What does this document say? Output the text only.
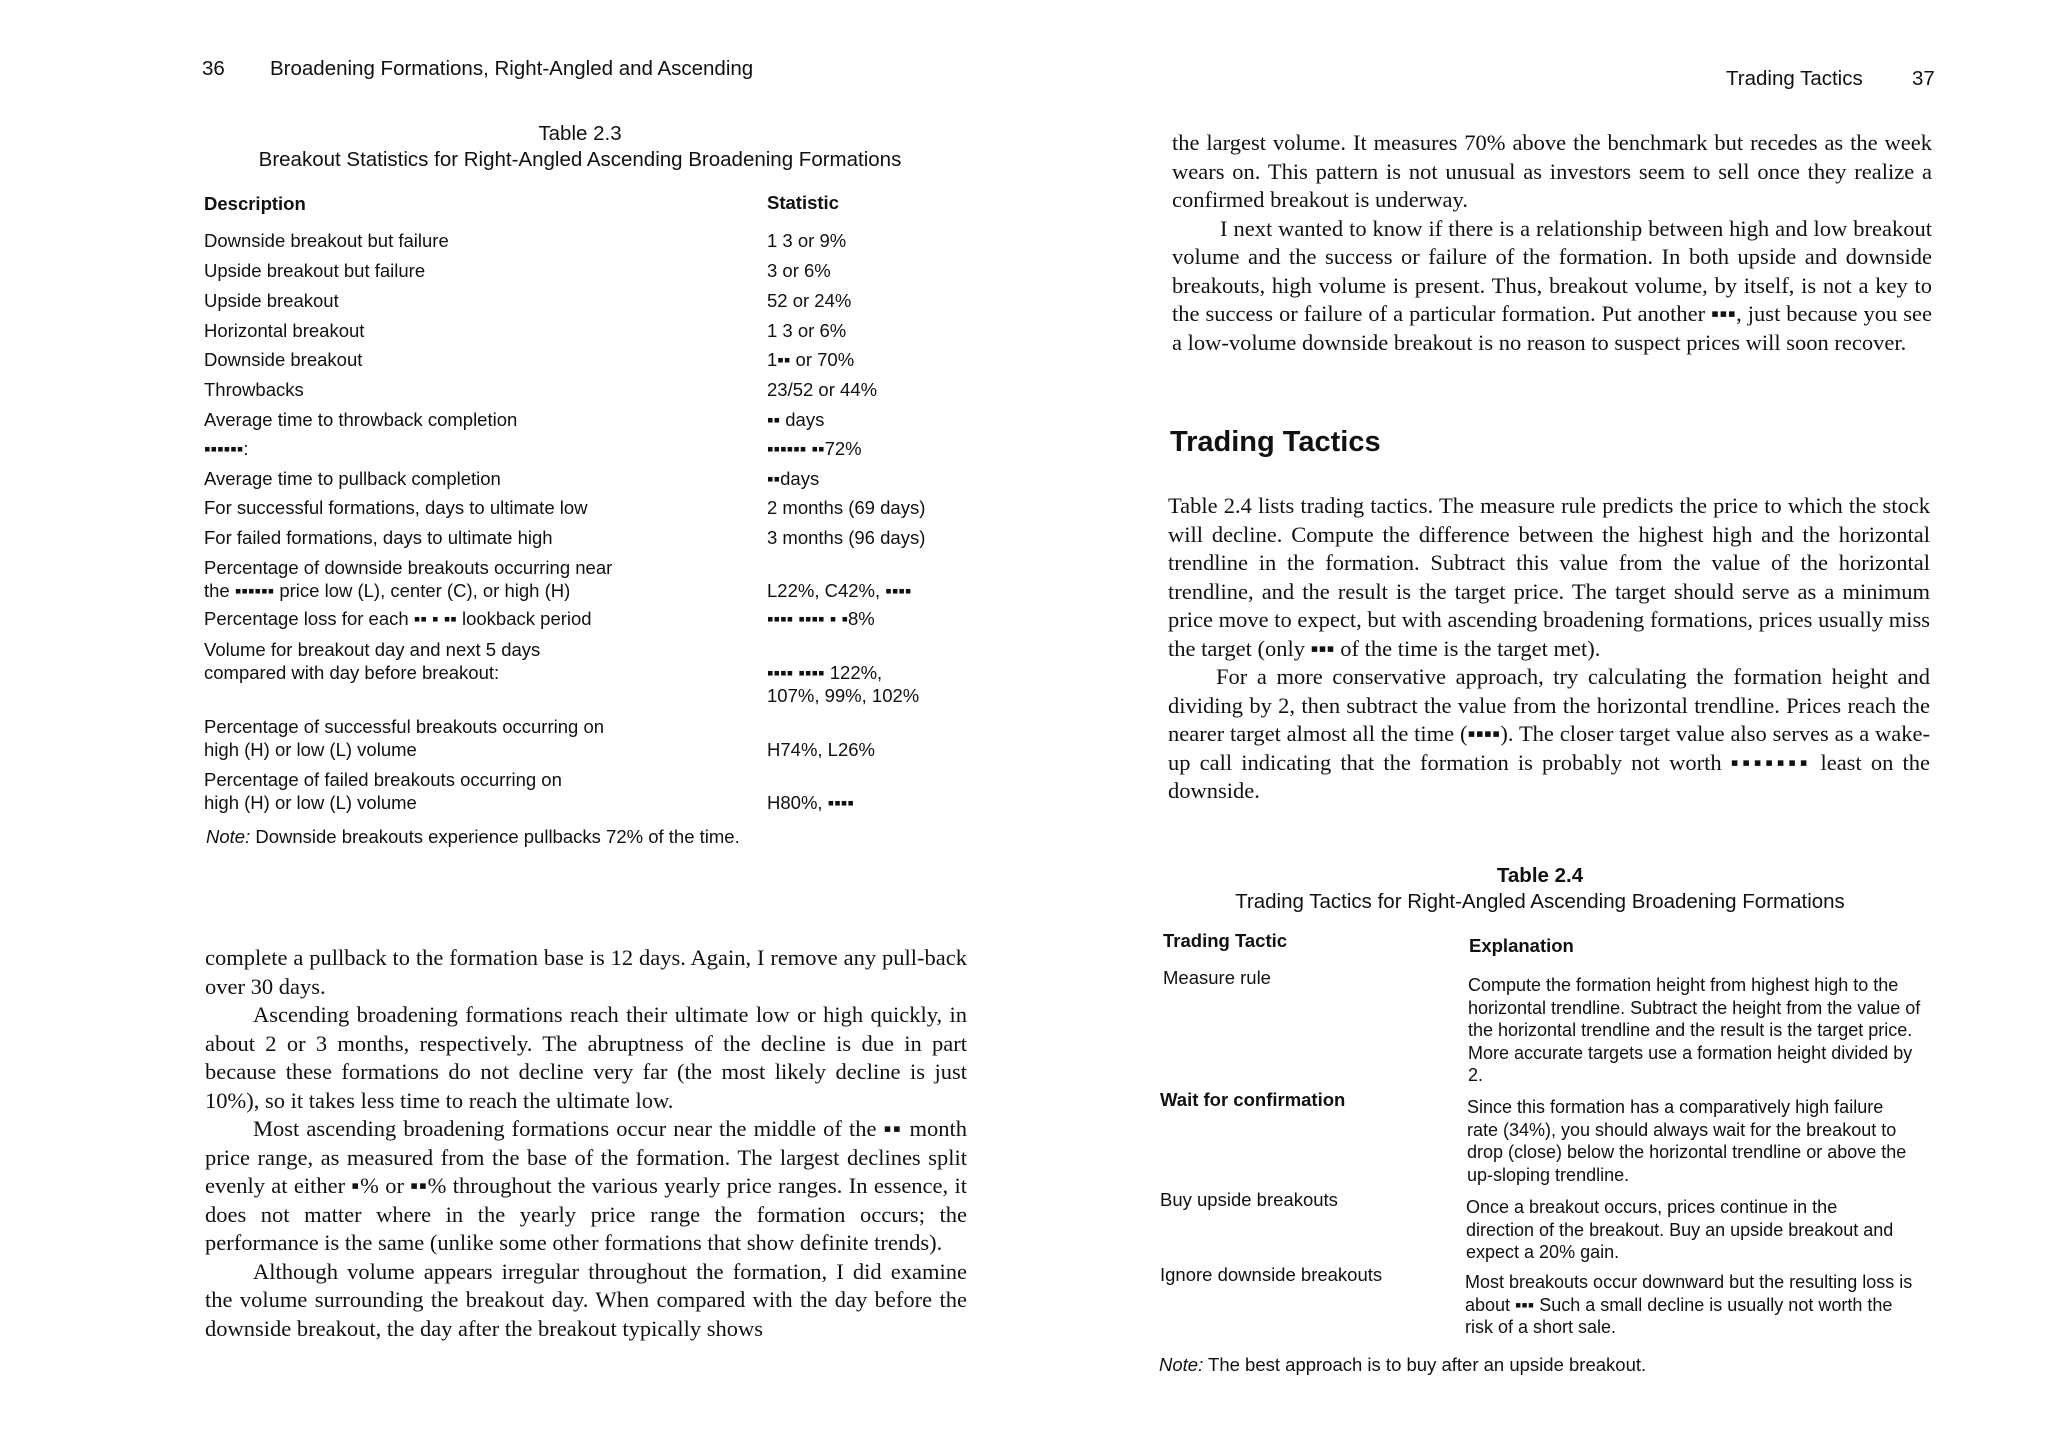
36 Broadening Formations, Right-Angled and Ascending
Table 2.3
Breakout Statistics for Right-Angled Ascending Broadening Formations
Description	Statistic
Downside breakout but failure	1 3 or 9%
Upside breakout but failure	3 or 6%
Upside breakout	52 or 24%
Horizontal breakout	1 3 or 6%
Downside breakout	1▪▪ or 70%
Throwbacks	23/52 or 44%
Average time to throwback completion	▪▪ days
▪▪▪▪▪▪:	▪▪▪▪▪▪ ▪▪72%
Average time to pullback completion	▪▪days
For successful formations, days to ultimate low	2 months (69 days)
For failed formations, days to ultimate high	3 months (96 days)
Percentage of downside breakouts occurring near
the ▪▪▪▪▪▪ price low (L), center (C), or high (H)	L22%, C42%, ▪▪▪▪
Percentage loss for each ▪▪ ▪ ▪▪ lookback period	▪▪▪▪ ▪▪▪▪ ▪ ▪8%
Volume for breakout day and next 5 days
compared with day before breakout:	▪▪▪▪ ▪▪▪▪ 122%,
107%, 99%, 102%
Percentage of successful breakouts occurring on
high (H) or low (L) volume	H74%, L26%
Percentage of failed breakouts occurring on
high (H) or low (L) volume	H80%, ▪▪▪▪
Note: Downside breakouts experience pullbacks 72% of the time.

complete a pullback to the formation base is 12 days. Again, I remove any pull-back over 30 days.

Ascending broadening formations reach their ultimate low or high quickly, in about 2 or 3 months, respectively. The abruptness of the decline is due in part because these formations do not decline very far (the most likely decline is just 10%), so it takes less time to reach the ultimate low.

Most ascending broadening formations occur near the middle of the ▪▪ month price range, as measured from the base of the formation. The largest declines split evenly at either ▪% or ▪▪% throughout the various yearly price ranges. In essence, it does not matter where in the yearly price range the formation occurs; the performance is the same (unlike some other formations that show definite trends).

Although volume appears irregular throughout the formation, I did examine the volume surrounding the breakout day. When compared with the day before the downside breakout, the day after the breakout typically shows

Trading Tactics 37

the largest volume. It measures 70% above the benchmark but recedes as the week wears on. This pattern is not unusual as investors seem to sell once they realize a confirmed breakout is underway.

I next wanted to know if there is a relationship between high and low breakout volume and the success or failure of the formation. In both upside and downside breakouts, high volume is present. Thus, breakout volume, by itself, is not a key to the success or failure of a particular formation. Put another ▪▪▪, just because you see a low-volume downside breakout is no reason to suspect prices will soon recover.

Trading Tactics

Table 2.4 lists trading tactics. The measure rule predicts the price to which the stock will decline. Compute the difference between the highest high and the horizontal trendline in the formation. Subtract this value from the value of the horizontal trendline, and the result is the target price. The target should serve as a minimum price move to expect, but with ascending broadening formations, prices usually miss the target (only ▪▪▪ of the time is the target met).

For a more conservative approach, try calculating the formation height and dividing by 2, then subtract the value from the horizontal trendline. Prices reach the nearer target almost all the time (▪▪▪▪). The closer target value also serves as a wake-up call indicating that the formation is probably not worth ▪▪▪▪▪▪▪ least on the downside.

Table 2.4
Trading Tactics for Right-Angled Ascending Broadening Formations
Trading Tactic	Explanation
Measure rule	Compute the formation height from highest high to the horizontal trendline. Subtract the height from the value of the horizontal trendline and the result is the target price. More accurate targets use a formation height divided by 2.
Wait for confirmation	Since this formation has a comparatively high failure rate (34%), you should always wait for the breakout to drop (close) below the horizontal trendline or above the up-sloping trendline.
Buy upside breakouts	Once a breakout occurs, prices continue in the direction of the breakout. Buy an upside breakout and expect a 20% gain.
Ignore downside breakouts	Most breakouts occur downward but the resulting loss is about ▪▪▪ Such a small decline is usually not worth the risk of a short sale.
Note: The best approach is to buy after an upside breakout.
